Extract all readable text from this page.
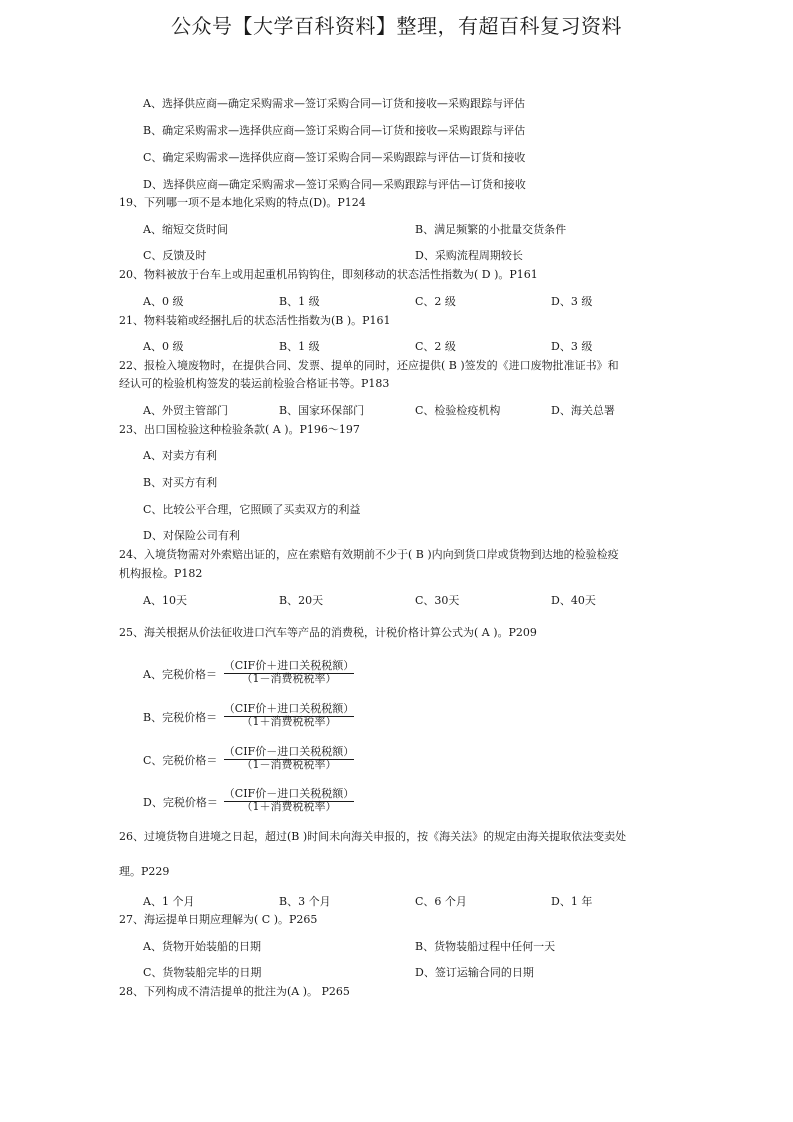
公众号【大学百科资料】整理，有超百科复习资料
A、选择供应商—确定采购需求—签订采购合同—订货和接收—采购跟踪与评估
B、确定采购需求—选择供应商—签订采购合同—订货和接收—采购跟踪与评估
C、确定采购需求—选择供应商—签订采购合同—采购跟踪与评估—订货和接收
D、选择供应商—确定采购需求—签订采购合同—采购跟踪与评估—订货和接收
19、下列哪一项不是本地化采购的特点(D)。P124
A、缩短交货时间	B、满足频繁的小批量交货条件
C、反馈及时	D、采购流程周期较长
20、物料被放于台车上或用起重机吊钩钩住，即刻移动的状态活性指数为( D )。P161
A、0 级	B、1 级	C、2 级	D、3 级
21、物料装箱或经捆扎后的状态活性指数为(B )。P161
A、0 级	B、1 级	C、2 级	D、3 级
22、报检入境废物时，在提供合同、发票、提单的同时，还应提供( B )签发的《进口废物批准证书》和
经认可的检验机构签发的装运前检验合格证书等。P183
A、外贸主管部门	B、国家环保部门	C、检验检疫机构	D、海关总署
23、出口国检验这种检验条款( A )。P196～197
A、对卖方有利
B、对买方有利
C、比较公平合理，它照顾了买卖双方的利益
D、对保险公司有利
24、入境货物需对外索赔出证的，应在索赔有效期前不少于( B )内向到货口岸或货物到达地的检验检疫
机构报检。P182
A、10天	B、20天	C、30天	D、40天
25、海关根据从价法征收进口汽车等产品的消费税，计税价格计算公式为( A )。P209
A、完税价格＝
（CIF价＋进口关税税额）
（1－消费税税率）
B、完税价格＝
（CIF价＋进口关税税额）
（1＋消费税税率）
C、完税价格＝
（CIF价－进口关税税额）
（1－消费税税率）
D、完税价格＝
（CIF价－进口关税税额）
（1＋消费税税率）
26、过境货物自进境之日起，超过(B )时间未向海关申报的，按《海关法》的规定由海关提取依法变卖处
理。P229
A、1 个月	B、3 个月	C、6 个月	D、1 年
27、海运提单日期应理解为( C )。P265
A、货物开始装船的日期	B、货物装船过程中任何一天
C、货物装船完毕的日期	D、签订运输合同的日期
28、下列构成不清洁提单的批注为(A )。 P265
